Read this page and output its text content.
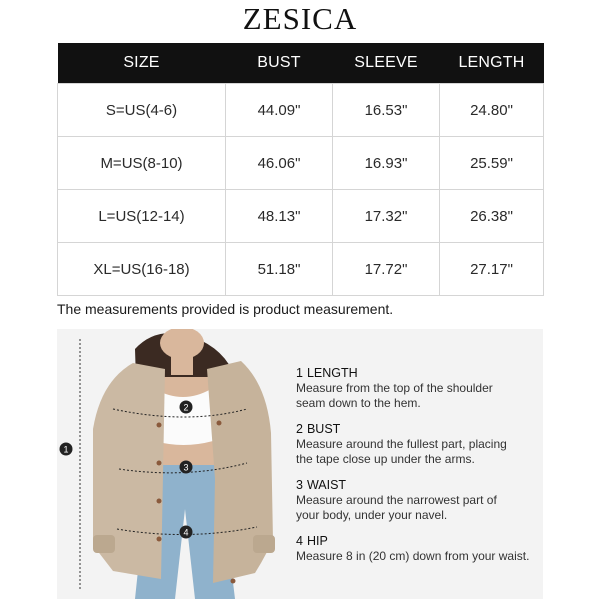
ZESICA
SIZE	BUST	SLEEVE	LENGTH
S=US(4-6)	44.09"	16.53"	24.80"
M=US(8-10)	46.06"	16.93"	25.59"
L=US(12-14)	48.13"	17.32"	26.38"
XL=US(16-18)	51.18"	17.72"	27.17"
The measurements provided is product measurement.
1
2
3
4
1 LENGTH
Measure from the top of the shoulder
seam down to the hem.
2 BUST
Measure around the fullest part, placing
the tape close up under the arms.
3 WAIST
Measure around the narrowest part of
your body, under your navel.
4 HIP
Measure 8 in (20 cm) down from your waist.
